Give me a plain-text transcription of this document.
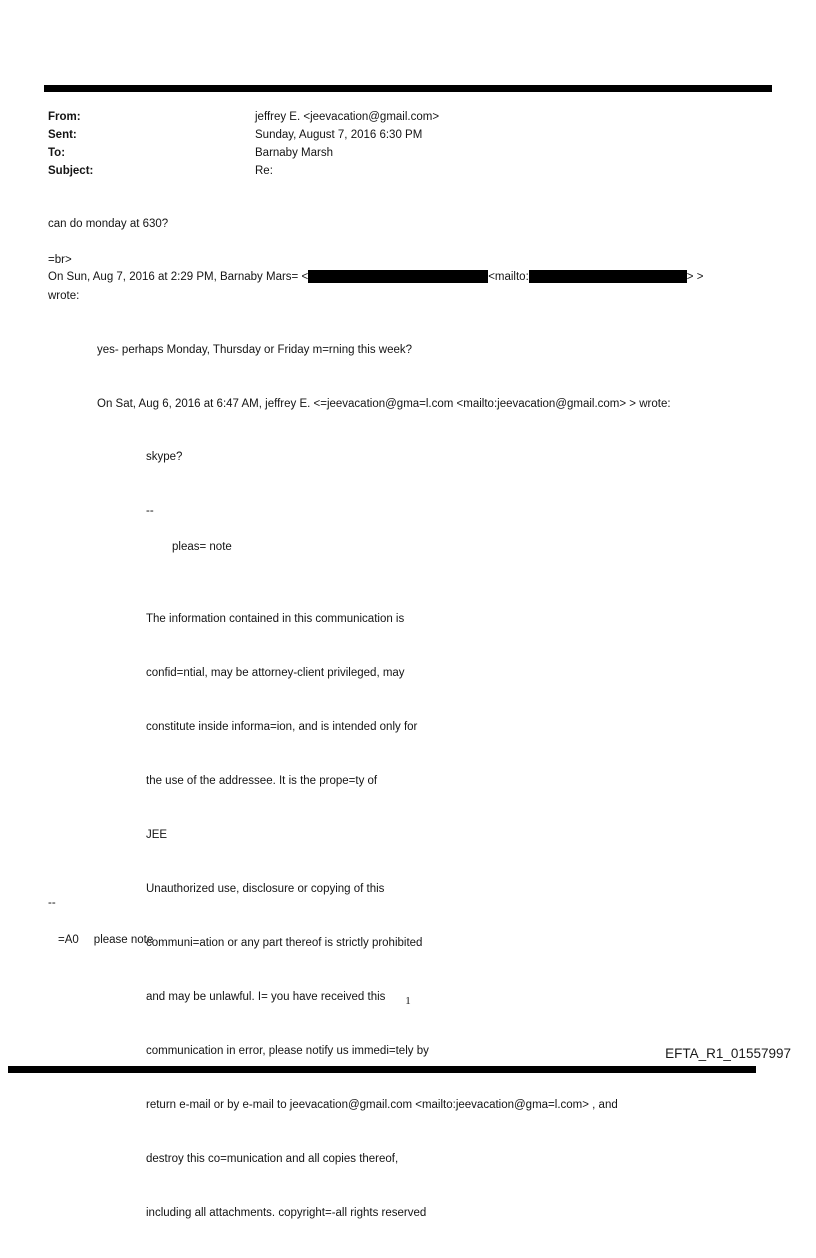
From:	jeffrey E. <jeevacation@gmail.com>
Sent:	Sunday, August 7, 2016 6:30 PM
To:	Barnaby Marsh
Subject:	Re:
can do monday at 630?
=br>
On Sun, Aug 7, 2016 at 2:29 PM, Barnaby Mars= <	<mailto:	> >
wrote:
yes- perhaps Monday, Thursday or Friday m=rning this week?
On Sat, Aug 6, 2016 at 6:47 AM, jeffrey E. <=jeevacation@gma=l.com <mailto:jeevacation@gmail.com> > wrote:
skype?
--
pleas= note

The information contained in this communication is

confid=ntial, may be attorney-client privileged, may

constitute inside informa=ion, and is intended only for

the use of the addressee. It is the prope=ty of

JEE

Unauthorized use, disclosure or copying of this

communi=ation or any part thereof is strictly prohibited

and may be unlawful. I= you have received this

communication in error, please notify us immedi=tely by

return e-mail or by e-mail to jeevacation@gmail.com <mailto:jeevacation@gma=l.com> , and

destroy this co=munication and all copies thereof,

including all attachments. copyright=-all rights reserved

--
=A0 please note
1
EFTA_R1_01557997
